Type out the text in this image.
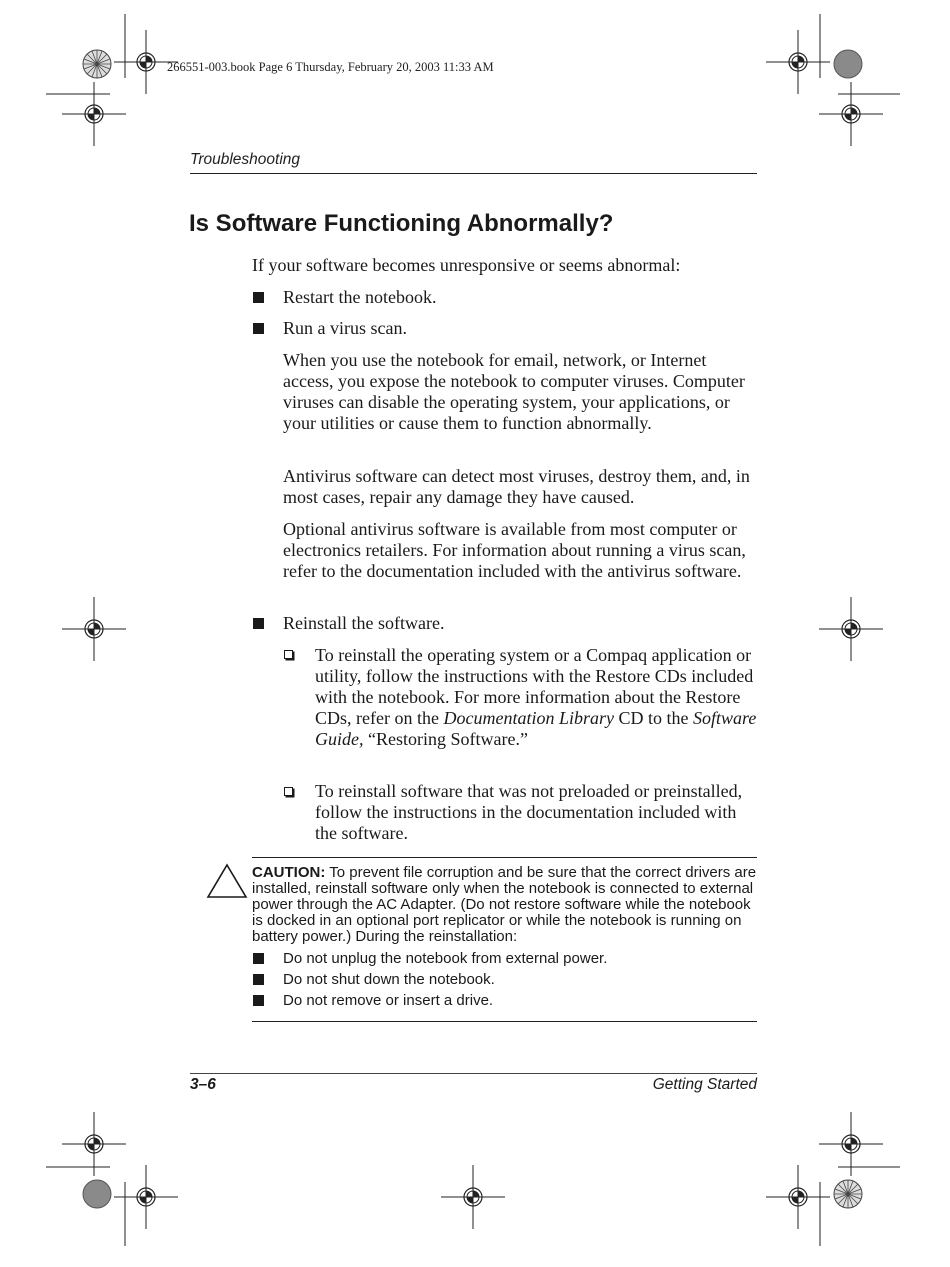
266551-003.book Page 6 Thursday, February 20, 2003 11:33 AM
Troubleshooting
Is Software Functioning Abnormally?
If your software becomes unresponsive or seems abnormal:
Restart the notebook.
Run a virus scan.
When you use the notebook for email, network, or Internet access, you expose the notebook to computer viruses. Computer viruses can disable the operating system, your applications, or your utilities or cause them to function abnormally.
Antivirus software can detect most viruses, destroy them, and, in most cases, repair any damage they have caused.
Optional antivirus software is available from most computer or electronics retailers. For information about running a virus scan, refer to the documentation included with the antivirus software.
Reinstall the software.
To reinstall the operating system or a Compaq application or utility, follow the instructions with the Restore CDs included with the notebook. For more information about the Restore CDs, refer on the Documentation Library CD to the Software Guide, “Restoring Software.”
To reinstall software that was not preloaded or preinstalled, follow the instructions in the documentation included with the software.
CAUTION: To prevent file corruption and be sure that the correct drivers are installed, reinstall software only when the notebook is connected to external power through the AC Adapter. (Do not restore software while the notebook is docked in an optional port replicator or while the notebook is running on battery power.) During the reinstallation:
Do not unplug the notebook from external power.
Do not shut down the notebook.
Do not remove or insert a drive.
3–6	Getting Started
